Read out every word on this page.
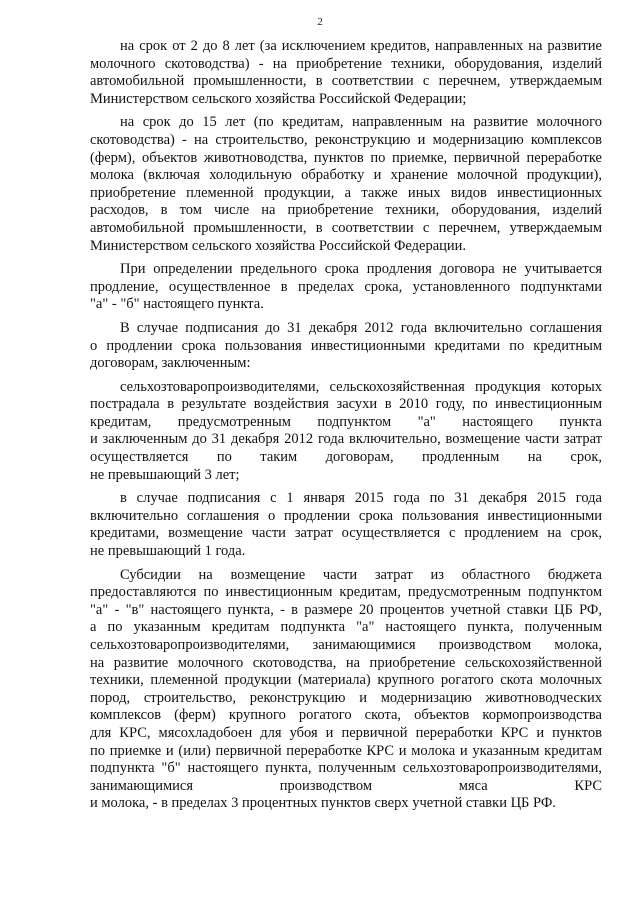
2
на срок от 2 до 8 лет (за исключением кредитов, направленных на развитие
молочного скотоводства) - на приобретение техники, оборудования, изделий
автомобильной промышленности, в соответствии с перечнем, утверждаемым
Министерством сельского хозяйства Российской Федерации;
на срок до 15 лет (по кредитам, направленным на развитие молочного
скотоводства) - на строительство, реконструкцию и модернизацию комплексов
(ферм), объектов животноводства, пунктов по приемке, первичной переработке
молока (включая холодильную обработку и хранение молочной продукции),
приобретение племенной продукции, а также иных видов инвестиционных
расходов, в том числе на приобретение техники, оборудования, изделий
автомобильной промышленности, в соответствии с перечнем, утверждаемым
Министерством сельского хозяйства Российской Федерации.
При определении предельного срока продления договора не учитывается
продление, осуществленное в пределах срока, установленного подпунктами
"а" - "б" настоящего пункта.
В случае подписания до 31 декабря 2012 года включительно соглашения
о продлении срока пользования инвестиционными кредитами по кредитным
договорам, заключенным:
сельхозтоваропроизводителями, сельскохозяйственная продукция которых
пострадала в результате воздействия засухи в 2010 году, по инвестиционным
кредитам, предусмотренным подпунктом "а" настоящего пункта
и заключенным до 31 декабря 2012 года включительно, возмещение части затрат
осуществляется по таким договорам, продленным на срок,
не превышающий 3 лет;
в случае подписания с 1 января 2015 года по 31 декабря 2015 года
включительно соглашения о продлении срока пользования инвестиционными
кредитами, возмещение части затрат осуществляется с продлением на срок,
не превышающий 1 года.
Субсидии на возмещение части затрат из областного бюджета
предоставляются по инвестиционным кредитам, предусмотренным подпунктом
"а" - "в" настоящего пункта, - в размере 20 процентов учетной ставки ЦБ РФ,
а по указанным кредитам подпункта "а" настоящего пункта, полученным
сельхозтоваропроизводителями, занимающимися производством молока,
на развитие молочного скотоводства, на приобретение сельскохозяйственной
техники, племенной продукции (материала) крупного рогатого скота молочных
пород, строительство, реконструкцию и модернизацию животноводческих
комплексов (ферм) крупного рогатого скота, объектов кормопроизводства
для КРС, мясохладобоен для убоя и первичной переработки КРС и пунктов
по приемке и (или) первичной переработке КРС и молока и указанным кредитам
подпункта "б" настоящего пункта, полученным сельхозтоваропроизводителями,
занимающимися производством мяса КРС
и молока, - в пределах 3 процентных пунктов сверх учетной ставки ЦБ РФ.
